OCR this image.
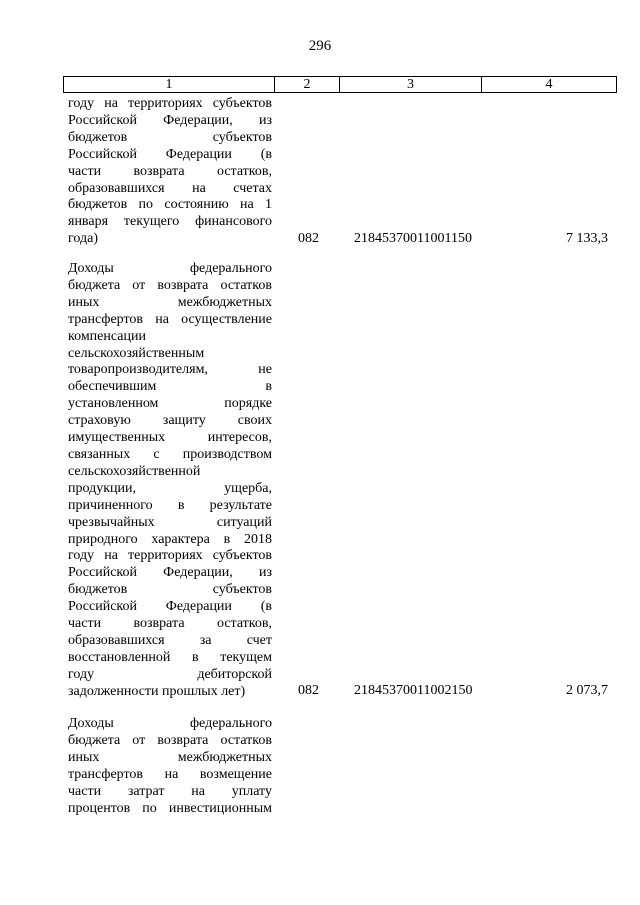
296
1	2	3	4
году на территориях субъектов
Российской Федерации, из
бюджетов субъектов
Российской Федерации (в
части возврата остатков,
образовавшихся на счетах
бюджетов по состоянию на 1
января текущего финансового
года)	082	21845370011001150	7 133,3
Доходы федерального
бюджета от возврата остатков
иных межбюджетных
трансфертов на осуществление
компенсации
сельскохозяйственным
товаропроизводителям, не
обеспечившим в
установленном порядке
страховую защиту своих
имущественных интересов,
связанных с производством
сельскохозяйственной
продукции, ущерба,
причиненного в результате
чрезвычайных ситуаций
природного характера в 2018
году на территориях субъектов
Российской Федерации, из
бюджетов субъектов
Российской Федерации (в
части возврата остатков,
образовавшихся за счет
восстановленной в текущем
году дебиторской
задолженности прошлых лет)	082	21845370011002150	2 073,7
Доходы федерального
бюджета от возврата остатков
иных межбюджетных
трансфертов на возмещение
части затрат на уплату
процентов по инвестиционным
